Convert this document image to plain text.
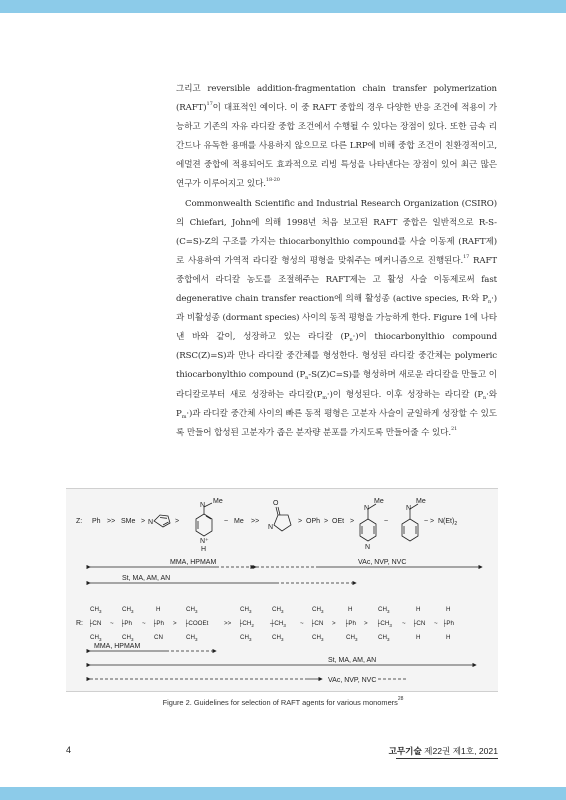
그리고 reversible addition-fragmentation chain transfer polymerization (RAFT)$^{17}$이 대표적인 예이다. 이 중 RAFT 중합의 경우 다양한 반응 조건에 적용이 가능하고 기존의 자유 라디칼 중합 조건에서 수행될 수 있다는 장점이 있다. 또한 금속 리간드나 유독한 용매를 사용하지 않으므로 다른 LRP에 비해 중합 조건이 친환경적이고, 에멀젼 중합에 적용되어도 효과적으로 리빙 특성을 나타낸다는 장점이 있어 최근 많은 연구가 이루어지고 있다.$^{18-20}$

Commonwealth Scientific and Industrial Research Organization (CSIRO)의 Chiefari, John에 의해 1998년 처음 보고된 RAFT 중합은 일반적으로 R-S-(C=S)-Z의 구조를 가지는 thiocarbonylthio compound를 사슬 이동제 (RAFT제)로 사용하여 가역적 라디칼 형성의 평형을 맞춰주는 메커니즘으로 진행된다.$^{17}$ RAFT 중합에서 라디칼 농도를 조절해주는 RAFT제는 고 활성 사슬 이동제로써 fast degenerative chain transfer reaction에 의해 활성종 (active species, R·와 $P_n\cdot$)과 비활성종 (dormant species) 사이의 동적 평형을 가능하게 한다. Figure 1에 나타낸 바와 같이, 성장하고 있는 라디칼 $(P_n\cdot)$이 thiocarbonylthio compound (RSC(Z)=S)과 만나 라디칼 중간체를 형성한다. 형성된 라디칼 중간체는 polymeric thiocarbonylthio compound $(P_n-S(Z)C=S)$를 형성하며 새로운 라디칼을 만들고 이 라디칼로부터 새로 성장하는 라디칼$(P_m\cdot)$이 형성된다. 이후 성장하는 라디칼 ($P_n\cdot$와 $P_m\cdot$)과 라디칼 중간체 사이의 빠른 동적 평형은 고분자 사슬이 균일하게 성장할 수 있도록 만들어 합성된 고분자가 좁은 분자량 분포를 가지도록 만들어줄 수 있다.$^{21}$

Z: Ph >> SMe > N	>
N
Me
N⁺
H
~ Me >>
O
N
> OPh > OEt >
N
Me
N
~
N
Me
~ > $N(Et)_2$
MMA, HPMAM	VAc, NVP, NVC
St, MA, AM, AN
R:
$CH_3$
├CN
$CH_3$
~
$CH_3$
├Ph
$CH_3$
~
H
├Ph
CN
>
$CH_3$
├COOEt
$CH_3$
>>
$CH_3$
$├CH_2$
$CH_3$
$CH_3$
$┼CH_3$
$CH_3$
~
$CH_3$
├CN
$CH_3$
>
H
├Ph
$CH_3$
>
$CH_3$
$├CH_3$
$CH_3$
~
H
├CN
H
~
H
├Ph
H
MMA, HPMAM
St, MA, AM, AN
VAc, NVP, NVC
Figure 2. Guidelines for selection of RAFT agents for various monomers$^{28}$
4	고무기술 제22권 제1호, 2021
